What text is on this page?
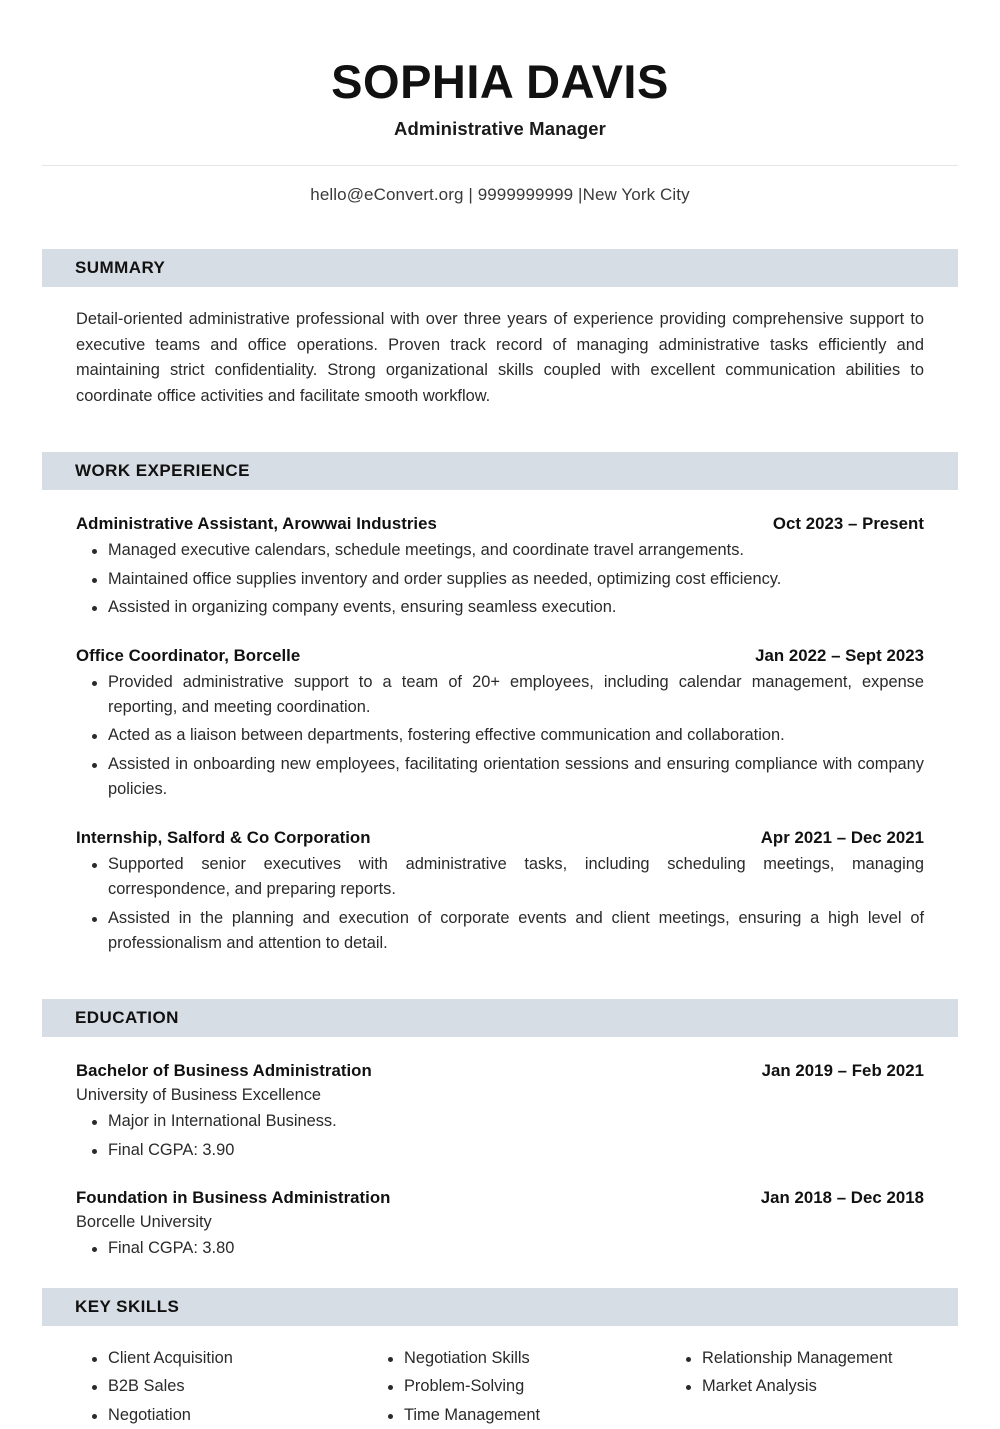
SOPHIA DAVIS
Administrative Manager
hello@eConvert.org | 9999999999 |New York City
SUMMARY

Detail-oriented administrative professional with over three years of experience providing comprehensive support to executive teams and office operations. Proven track record of managing administrative tasks efficiently and maintaining strict confidentiality. Strong organizational skills coupled with excellent communication abilities to coordinate office activities and facilitate smooth workflow.

WORK EXPERIENCE
Administrative Assistant, Arowwai Industries	Oct 2023 – Present
Managed executive calendars, schedule meetings, and coordinate travel arrangements.
Maintained office supplies inventory and order supplies as needed, optimizing cost efficiency.
Assisted in organizing company events, ensuring seamless execution.
Office Coordinator, Borcelle	Jan 2022 – Sept 2023
Provided administrative support to a team of 20+ employees, including calendar management, expense reporting, and meeting coordination.
Acted as a liaison between departments, fostering effective communication and collaboration.
Assisted in onboarding new employees, facilitating orientation sessions and ensuring compliance with company policies.
Internship, Salford & Co Corporation	Apr 2021 – Dec 2021
Supported senior executives with administrative tasks, including scheduling meetings, managing correspondence, and preparing reports.
Assisted in the planning and execution of corporate events and client meetings, ensuring a high level of professionalism and attention to detail.
EDUCATION
Bachelor of Business Administration	Jan 2019 – Feb 2021
University of Business Excellence
Major in International Business.
Final CGPA: 3.90
Foundation in Business Administration	Jan 2018 – Dec 2018
Borcelle University
Final CGPA: 3.80
KEY SKILLS
Client Acquisition
B2B Sales
Negotiation
Negotiation Skills
Problem-Solving
Time Management
Relationship Management
Market Analysis
